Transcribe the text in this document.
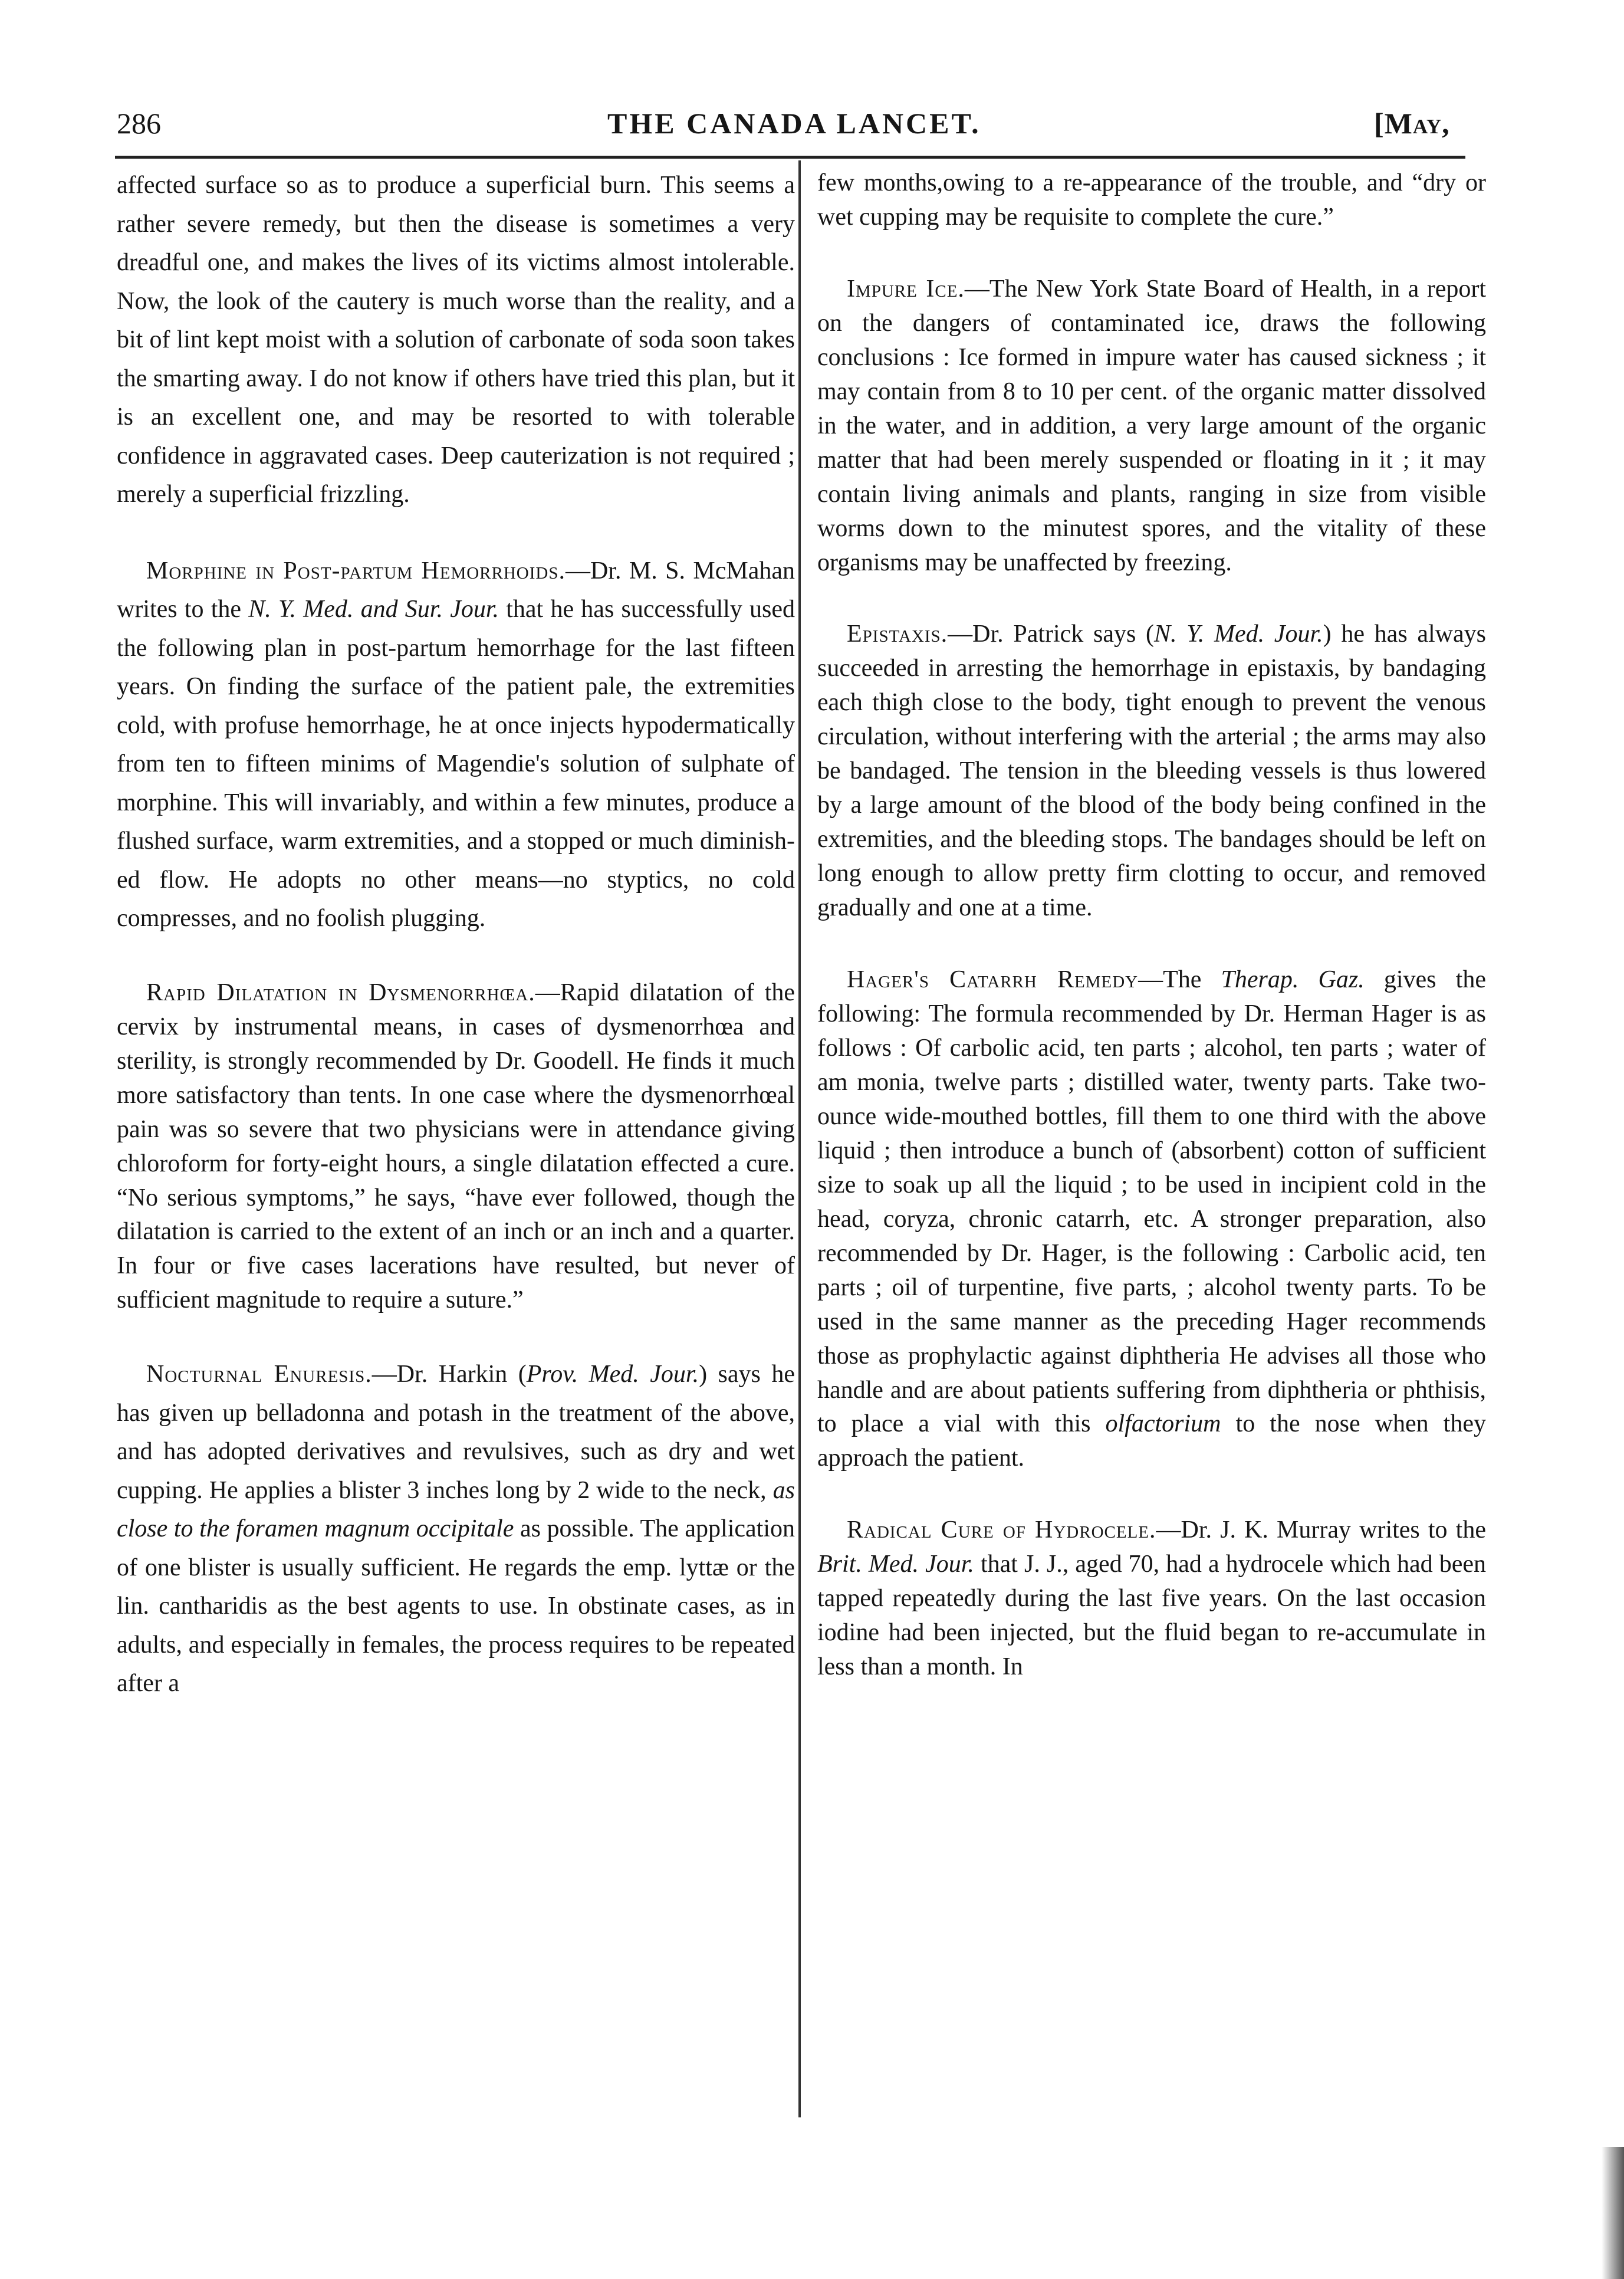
286	THE CANADA LANCET.	[May,

affected surface so as to produce a superficial burn. This seems a rather severe remedy, but then the disease is sometimes a very dreadful one, and makes the lives of its victims almost intolerable. Now, the look of the cautery is much worse than the reality, and a bit of lint kept moist with a solution of carbonate of soda soon takes the smarting away. I do not know if others have tried this plan, but it is an excellent one, and may be resorted to with tolerable confidence in aggravated cases. Deep cauterization is not required ; merely a superficial frizzling.

Morphine in Post-partum Hemorrhoids.—Dr. M. S. McMahan writes to the N. Y. Med. and Sur. Jour. that he has successfully used the following plan in post-partum hemorrhage for the last fifteen years. On finding the surface of the patient pale, the extremities cold, with profuse hemorrhage, he at once injects hypodermatically from ten to fifteen minims of Magendie's solution of sulphate of morphine. This will invariably, and within a few minutes, produce a flushed surface, warm extremities, and a stopped or much diminished flow. He adopts no other means—no styptics, no cold compresses, and no foolish plugging.

Rapid Dilatation in Dysmenorrhœa.—Rapid dilatation of the cervix by instrumental means, in cases of dysmenorrhœa and sterility, is strongly recommended by Dr. Goodell. He finds it much more satisfactory than tents. In one case where the dysmenorrhœal pain was so severe that two physicians were in attendance giving chloroform for forty-eight hours, a single dilatation effected a cure. “No serious symptoms,” he says, “have ever followed, though the dilatation is carried to the extent of an inch or an inch and a quarter. In four or five cases lacerations have resulted, but never of sufficient magnitude to require a suture.”

Nocturnal Enuresis.—Dr. Harkin (Prov. Med. Jour.) says he has given up belladonna and potash in the treatment of the above, and has adopted derivatives and revulsives, such as dry and wet cupping. He applies a blister 3 inches long by 2 wide to the neck, as close to the foramen magnum occipitale as possible. The application of one blister is usually sufficient. He regards the emp. lyttæ or the lin. cantharidis as the best agents to use. In obstinate cases, as in adults, and especially in females, the process requires to be repeated after a

few months,owing to a re-appearance of the trouble, and “dry or wet cupping may be requisite to complete the cure.”

Impure Ice.—The New York State Board of Health, in a report on the dangers of contaminated ice, draws the following conclusions : Ice formed in impure water has caused sickness ; it may contain from 8 to 10 per cent. of the organic matter dissolved in the water, and in addition, a very large amount of the organic matter that had been merely suspended or floating in it ; it may contain living animals and plants, ranging in size from visible worms down to the minutest spores, and the vitality of these organisms may be unaffected by freezing.

Epistaxis.—Dr. Patrick says (N. Y. Med. Jour.) he has always succeeded in arresting the hemorrhage in epistaxis, by bandaging each thigh close to the body, tight enough to prevent the venous circulation, without interfering with the arterial ; the arms may also be bandaged. The tension in the bleeding vessels is thus lowered by a large amount of the blood of the body being confined in the extremities, and the bleeding stops. The bandages should be left on long enough to allow pretty firm clotting to occur, and removed gradually and one at a time.

Hager's Catarrh Remedy—The Therap. Gaz. gives the following: The formula recommended by Dr. Herman Hager is as follows : Of carbolic acid, ten parts ; alcohol, ten parts ; water of am monia, twelve parts ; distilled water, twenty parts. Take two-ounce wide-mouthed bottles, fill them to one third with the above liquid ; then introduce a bunch of (absorbent) cotton of sufficient size to soak up all the liquid ; to be used in incipient cold in the head, coryza, chronic catarrh, etc. A stronger preparation, also recommended by Dr. Hager, is the following : Carbolic acid, ten parts ; oil of turpentine, five parts, ; alcohol twenty parts. To be used in the same manner as the preceding Hager recommends those as prophylactic against diphtheria He advises all those who handle and are about patients suffering from diphtheria or phthisis, to place a vial with this olfactorium to the nose when they approach the patient.

Radical Cure of Hydrocele.—Dr. J. K. Murray writes to the Brit. Med. Jour. that J. J., aged 70, had a hydrocele which had been tapped repeatedly during the last five years. On the last occasion iodine had been injected, but the fluid began to re-accumulate in less than a month. In
